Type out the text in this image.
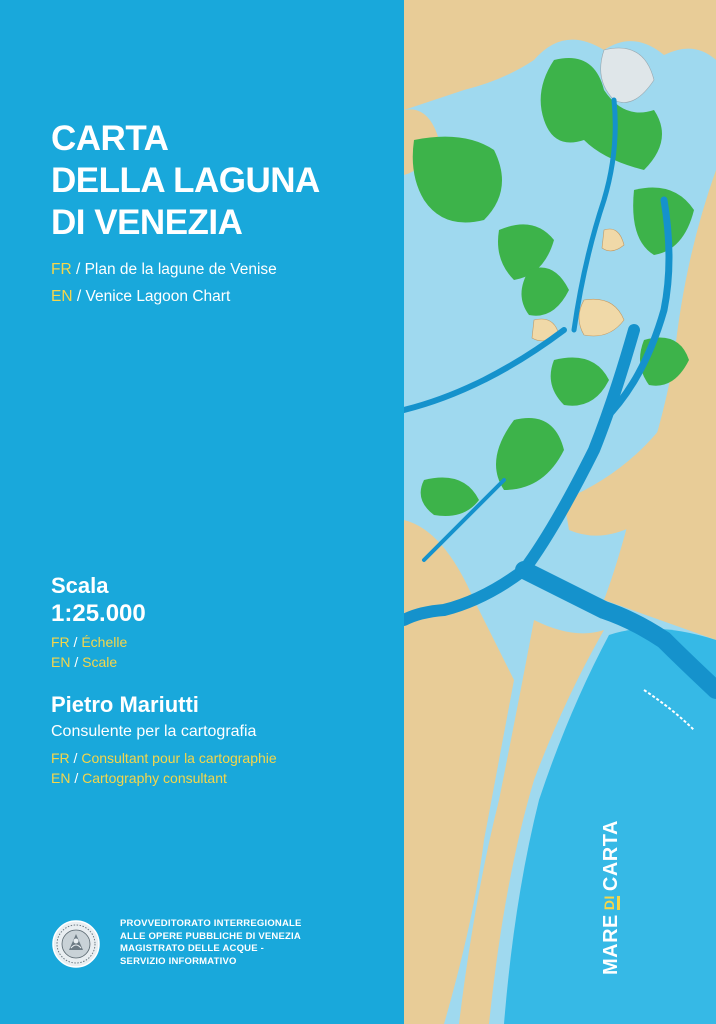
CARTA
DELLA LAGUNA
DI VENEZIA
FR / Plan de la lagune de Venise
EN / Venice Lagoon Chart
Scala
1:25.000
FR / Échelle
EN / Scale
Pietro Mariutti
Consulente per la cartografia
FR / Consultant pour la cartographie
EN / Cartography consultant
PROVVEDITORATO INTERREGIONALE
ALLE OPERE PUBBLICHE DI VENEZIA
MAGISTRATO DELLE ACQUE -
SERVIZIO INFORMATIVO	MARE
DI
CARTA
